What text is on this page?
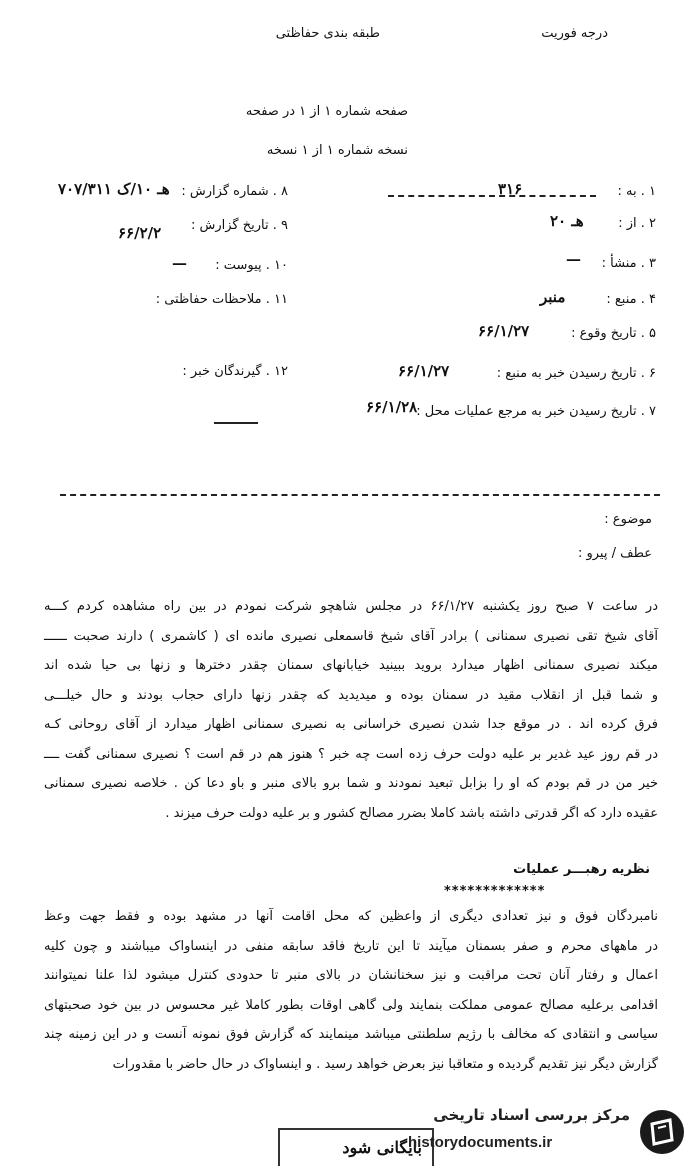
درجه فوریت
طبقه بندی حفاظتی
صفحه شماره ۱ از ۱ در صفحه
نسخه شماره ۱ از ۱ نسخه
۱ . به :
۳۱۶
۲ . از :
۲۰ هـ
۳ . منشأ :
—
۴ . منبع :
منبر
۵ . تاریخ وقوع :
۶۶/۱/۲۷
۶ . تاریخ رسیدن خبر به منبع :
۶۶/۱/۲۷
۷ . تاریخ رسیدن خبر به مرجع عملیات محل :
۶۶/۱/۲۸
۸ . شماره گزارش :
۷۰۷/۳۱۱ هـ ۱۰/ک
۹ . تاریخ گزارش :
۶۶/۲/۲
۱۰ . پیوست :
—
۱۱ . ملاحظات حفاظتی :
۱۲ . گیرندگان خبر :
موضوع :
عطف / پیرو :

در ساعت ۷ صبح روز یکشنبه ۶۶/۱/۲۷ در مجلس شاهچو شرکت نمودم در بین راه مشاهده کردم کـــه

آقای شیخ تقی نصیری سمنانی ) برادر آقای شیخ قاسمعلی نصیری مانده ای ( کاشمری ) دارند صحبت ــــــ

میکند نصیری سمنانی اظهار میدارد بروید ببینید خیابانهای سمنان چقدر دخترها و زنها بی حیا شده اند

و شما قبل از انقلاب مقید در سمنان بوده و میدیدید که چقدر زنها دارای حجاب بودند و حال خیلـــی

فرق کرده اند . در موقع جدا شدن نصیری خراسانی به نصیری سمنانی اظهار میدارد از آقای روحانی کـه

در قم روز عید غدیر بر علیه دولت حرف زده است چه خبر ؟ هنوز هم در قم است ؟ نصیری سمنانی گفت ــــ

خیر من در قم بودم که او را بزابل تبعید نمودند و شما برو بالای منبر و باو دعا کن . خلاصه نصیری سمنانی

عقیده دارد که اگر قدرتی داشته باشد کاملا بضرر مصالح کشور و بر علیه دولت حرف میزند .

نظریه رهبـــر عملیات
*************

نامبردگان فوق و نیز تعدادی دیگری از واعظین که محل اقامت آنها در مشهد بوده و فقط جهت وعظ

در ماههای محرم و صفر بسمنان میآیند تا این تاریخ فاقد سابقه منفی در اینساواک میباشند و چون کلیه

اعمال و رفتار آنان تحت مراقبت و نیز سخنانشان در بالای منبر تا حدودی کنترل میشود لذا علنا نمیتوانند

اقدامی برعلیه مصالح عمومی مملکت بنمایند ولی گاهی اوقات بطور کاملا غیر محسوس در بین خود صحبتهای

سیاسی و انتقادی که مخالف با رژیم سلطنتی میباشد مینمایند که گزارش فوق نمونه آنست و در این زمینه چند

گزارش دیگر نیز تقدیم گردیده و متعاقبا نیز بعرض خواهد رسید . و اینساواک در حال حاضر با مقدورات

بایگانی شود
مرکز بررسی اسناد تاریخی
historydocuments.ir
